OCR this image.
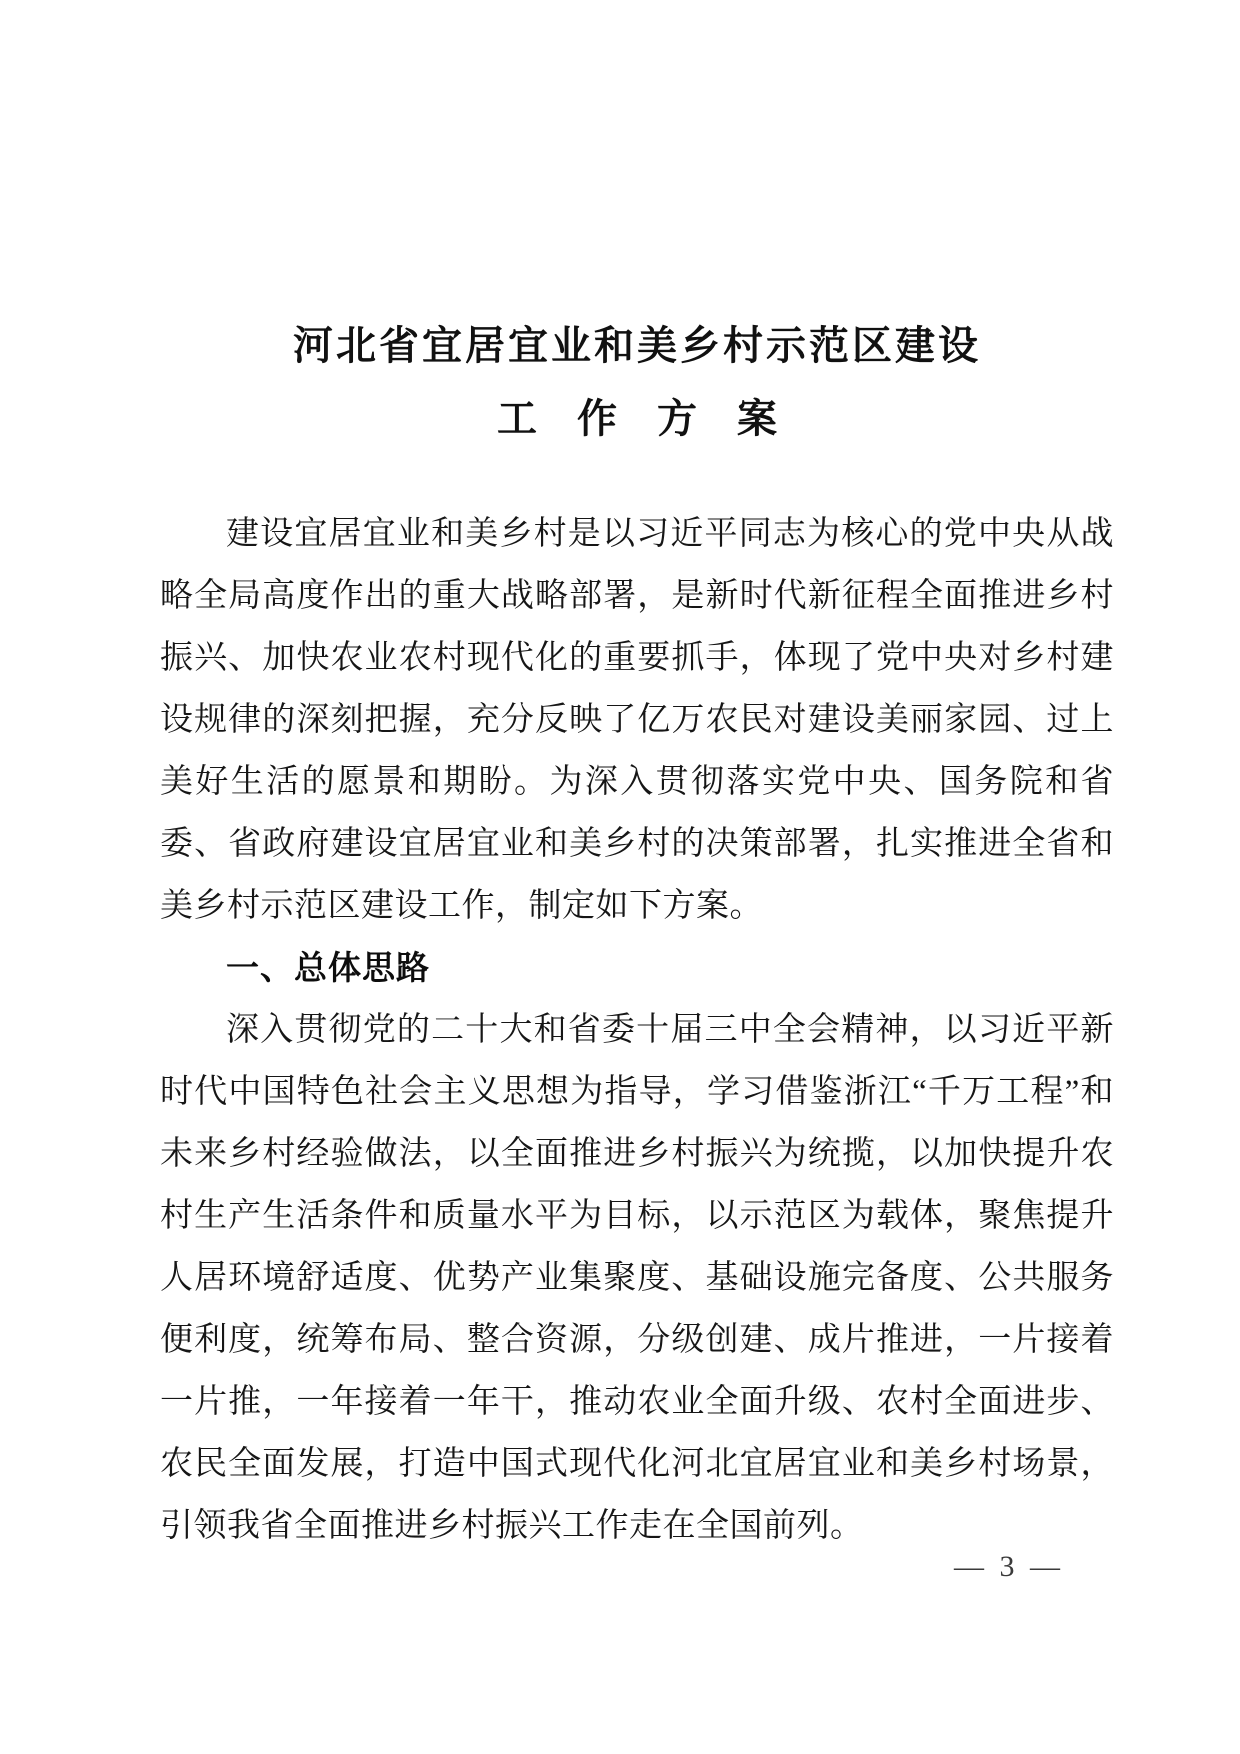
河北省宜居宜业和美乡村示范区建设
工　作　方　案

建设宜居宜业和美乡村是以习近平同志为核心的党中央从战略全局高度作出的重大战略部署，是新时代新征程全面推进乡村振兴、加快农业农村现代化的重要抓手，体现了党中央对乡村建设规律的深刻把握，充分反映了亿万农民对建设美丽家园、过上美好生活的愿景和期盼。为深入贯彻落实党中央、国务院和省委、省政府建设宜居宜业和美乡村的决策部署，扎实推进全省和美乡村示范区建设工作，制定如下方案。

一、总体思路

深入贯彻党的二十大和省委十届三中全会精神，以习近平新时代中国特色社会主义思想为指导，学习借鉴浙江“千万工程”和未来乡村经验做法，以全面推进乡村振兴为统揽，以加快提升农村生产生活条件和质量水平为目标，以示范区为载体，聚焦提升人居环境舒适度、优势产业集聚度、基础设施完备度、公共服务便利度，统筹布局、整合资源，分级创建、成片推进，一片接着一片推，一年接着一年干，推动农业全面升级、农村全面进步、农民全面发展，打造中国式现代化河北宜居宜业和美乡村场景，引领我省全面推进乡村振兴工作走在全国前列。

— 3 —
